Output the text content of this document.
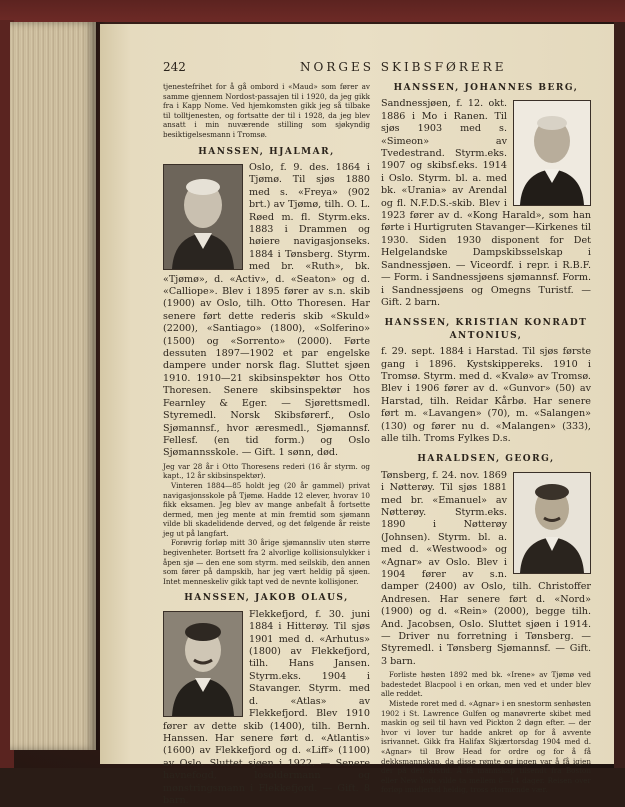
242	NORGES SKIBSFØRERE

tjenestefrihet for å gå ombord i «Maud» som fører av samme gjennem Nordost-passajen til i 1920, da jeg gikk fra i Kapp Nome. Ved hjemkomsten gikk jeg så tilbake til tolltjenesten, og fortsatte der til i 1928, da jeg blev ansatt i min nuværende stilling som sjøkyndig besiktigelsesmann i Tromsø.

HANSSEN, HJALMAR,

Oslo, f. 9. des. 1864 i Tjømø. Til sjøs 1880 med s. «Freya» (902 brt.) av Tjømø, tilh. O. L. Røed m. fl. Styrm.eks. 1883 i Drammen og høiere navigasjonseks. 1884 i Tønsberg. Styrm. med br. «Ruth», bk. «Tjømø», d. «Activ», d. «Seaton» og d. «Calliope». Blev i 1895 fører av s.n. skib (1900) av Oslo, tilh. Otto Thoresen. Har senere ført dette rederis skib «Skuld» (2200), «Santiago» (1800), «Solferino» (1500) og «Sorrento» (2000). Førte dessuten 1897—1902 et par engelske dampere under norsk flag. Sluttet sjøen 1910. 1910—21 skibsinspektør hos Otto Thoresen. Senere skibsinspektør hos Fearnley & Eger. — Sjørettsmedl. Styremedl. Norsk Skibsførerf., Oslo Sjømannsf., hvor æresmedl., Sjømannsf. Fellesf. (en tid form.) og Oslo Sjømannsskole. — Gift. 1 sønn, død.

Jeg var 28 år i Otto Thoresens rederi (16 år styrm. og kapt., 12 år skibsinspektør).

Vinteren 1884—85 holdt jeg (20 år gammel) privat navigasjonsskole på Tjømø. Hadde 12 elever, hvorav 10 fikk eksamen. Jeg blev av mange anbefalt å fortsette dermed, men jeg mente at min fremtid som sjømann vilde bli skadelidende derved, og det følgende år reiste jeg ut på langfart.

Forøvrig forløp mitt 30 årige sjømannsliv uten større begivenheter. Bortsett fra 2 alvorlige kollisionsulykker i åpen sjø — den ene som styrm. med seilskib, den annen som fører på dampskib, har jeg vært heldig på sjøen. Intet menneskeliv gikk tapt ved de nevnte kollisjoner.

HANSSEN, JAKOB OLAUS,

Flekkefjord, f. 30. juni 1884 i Hitterøy. Til sjøs 1901 med d. «Arhutus» (1800) av Flekkefjord, tilh. Hans Jansen. Styrm.eks. 1904 i Stavanger. Styrm. med d. «Atlas» av Flekkefjord. Blev 1910 fører av dette skib (1400), tilh. Bernh. Hanssen. Har senere ført d. «Atlantis» (1600) av Flekkefjord og d. «Liff» (1100) av Oslo. Sluttet sjøen i 1922. — Senere havnefogd, losoldermann og mønstringsmann i Flekkefjord. — Gift. 8 barn.

HANSSEN, JOHANNES BERG,

Sandnessjøen, f. 12. okt. 1886 i Mo i Ranen. Til sjøs 1903 med s. «Simeon» av Tvedestrand. Styrm.eks. 1907 og skibsf.eks. 1914 i Oslo. Styrm. bl. a. med bk. «Urania» av Arendal og fl. N.F.D.S.-skib. Blev i 1923 fører av d. «Kong Harald», som han førte i Hurtigruten Stavanger—Kirkenes til 1930. Siden 1930 disponent for Det Helgelandske Dampskibsselskap i Sandnessjøen. — Viceordf. i repr. i R.B.F. — Form. i Sandnessjøens sjømannsf. Form. i Sandnessjøens og Omegns Turistf. — Gift. 2 barn.

HANSSEN, KRISTIAN KONRADT ANTONIUS,

f. 29. sept. 1884 i Harstad. Til sjøs første gang i 1896. Kystskippereks. 1910 i Tromsø. Styrm. med d. «Kvalø» av Tromsø. Blev i 1906 fører av d. «Gunvor» (50) av Harstad, tilh. Reidar Kårbø. Har senere ført m. «Lavangen» (70), m. «Salangen» (130) og fører nu d. «Malangen» (333), alle tilh. Troms Fylkes D.s.

HARALDSEN, GEORG,

Tønsberg, f. 24. nov. 1869 i Nøtterøy. Til sjøs 1881 med br. «Emanuel» av Nøtterøy. Styrm.eks. 1890 i Nøtterøy (Johnsen). Styrm. bl. a. med d. «Westwood» og «Agnar» av Oslo. Blev i 1904 fører av s.n. damper (2400) av Oslo, tilh. Christoffer Andresen. Har senere ført d. «Nord» (1900) og d. «Rein» (2000), begge tilh. And. Jacobsen, Oslo. Sluttet sjøen i 1914. — Driver nu forretning i Tønsberg. — Styremedl. i Tønsberg Sjømannsf. — Gift. 3 barn.

Forliste høsten 1892 med bk. «Irene» av Tjømø ved badestedet Blacpool i en orkan, men ved et under blev alle reddet.

Mistede roret med d. «Agnar» i en snestorm senhøsten 1902 i St. Lawrence Gulfen og manøvrerte skibet med maskin og seil til havn ved Pickton 2 døgn efter. — der hvor vi lover tur hadde ankret op for å avvente isrivannet. Gikk fra Halifax Skjærtorsdag 1904 med d. «Agnar» til Brow Head for ordre og for å få dekksmannskap, da disse rømte og ingen var å få igjen der på den årstid. Å få mannskap tilsendt fra Boston eller New York vilde ta mellem 8—14 dager. Reisen over forløp imidlertid heldig, tross stormende vær.
